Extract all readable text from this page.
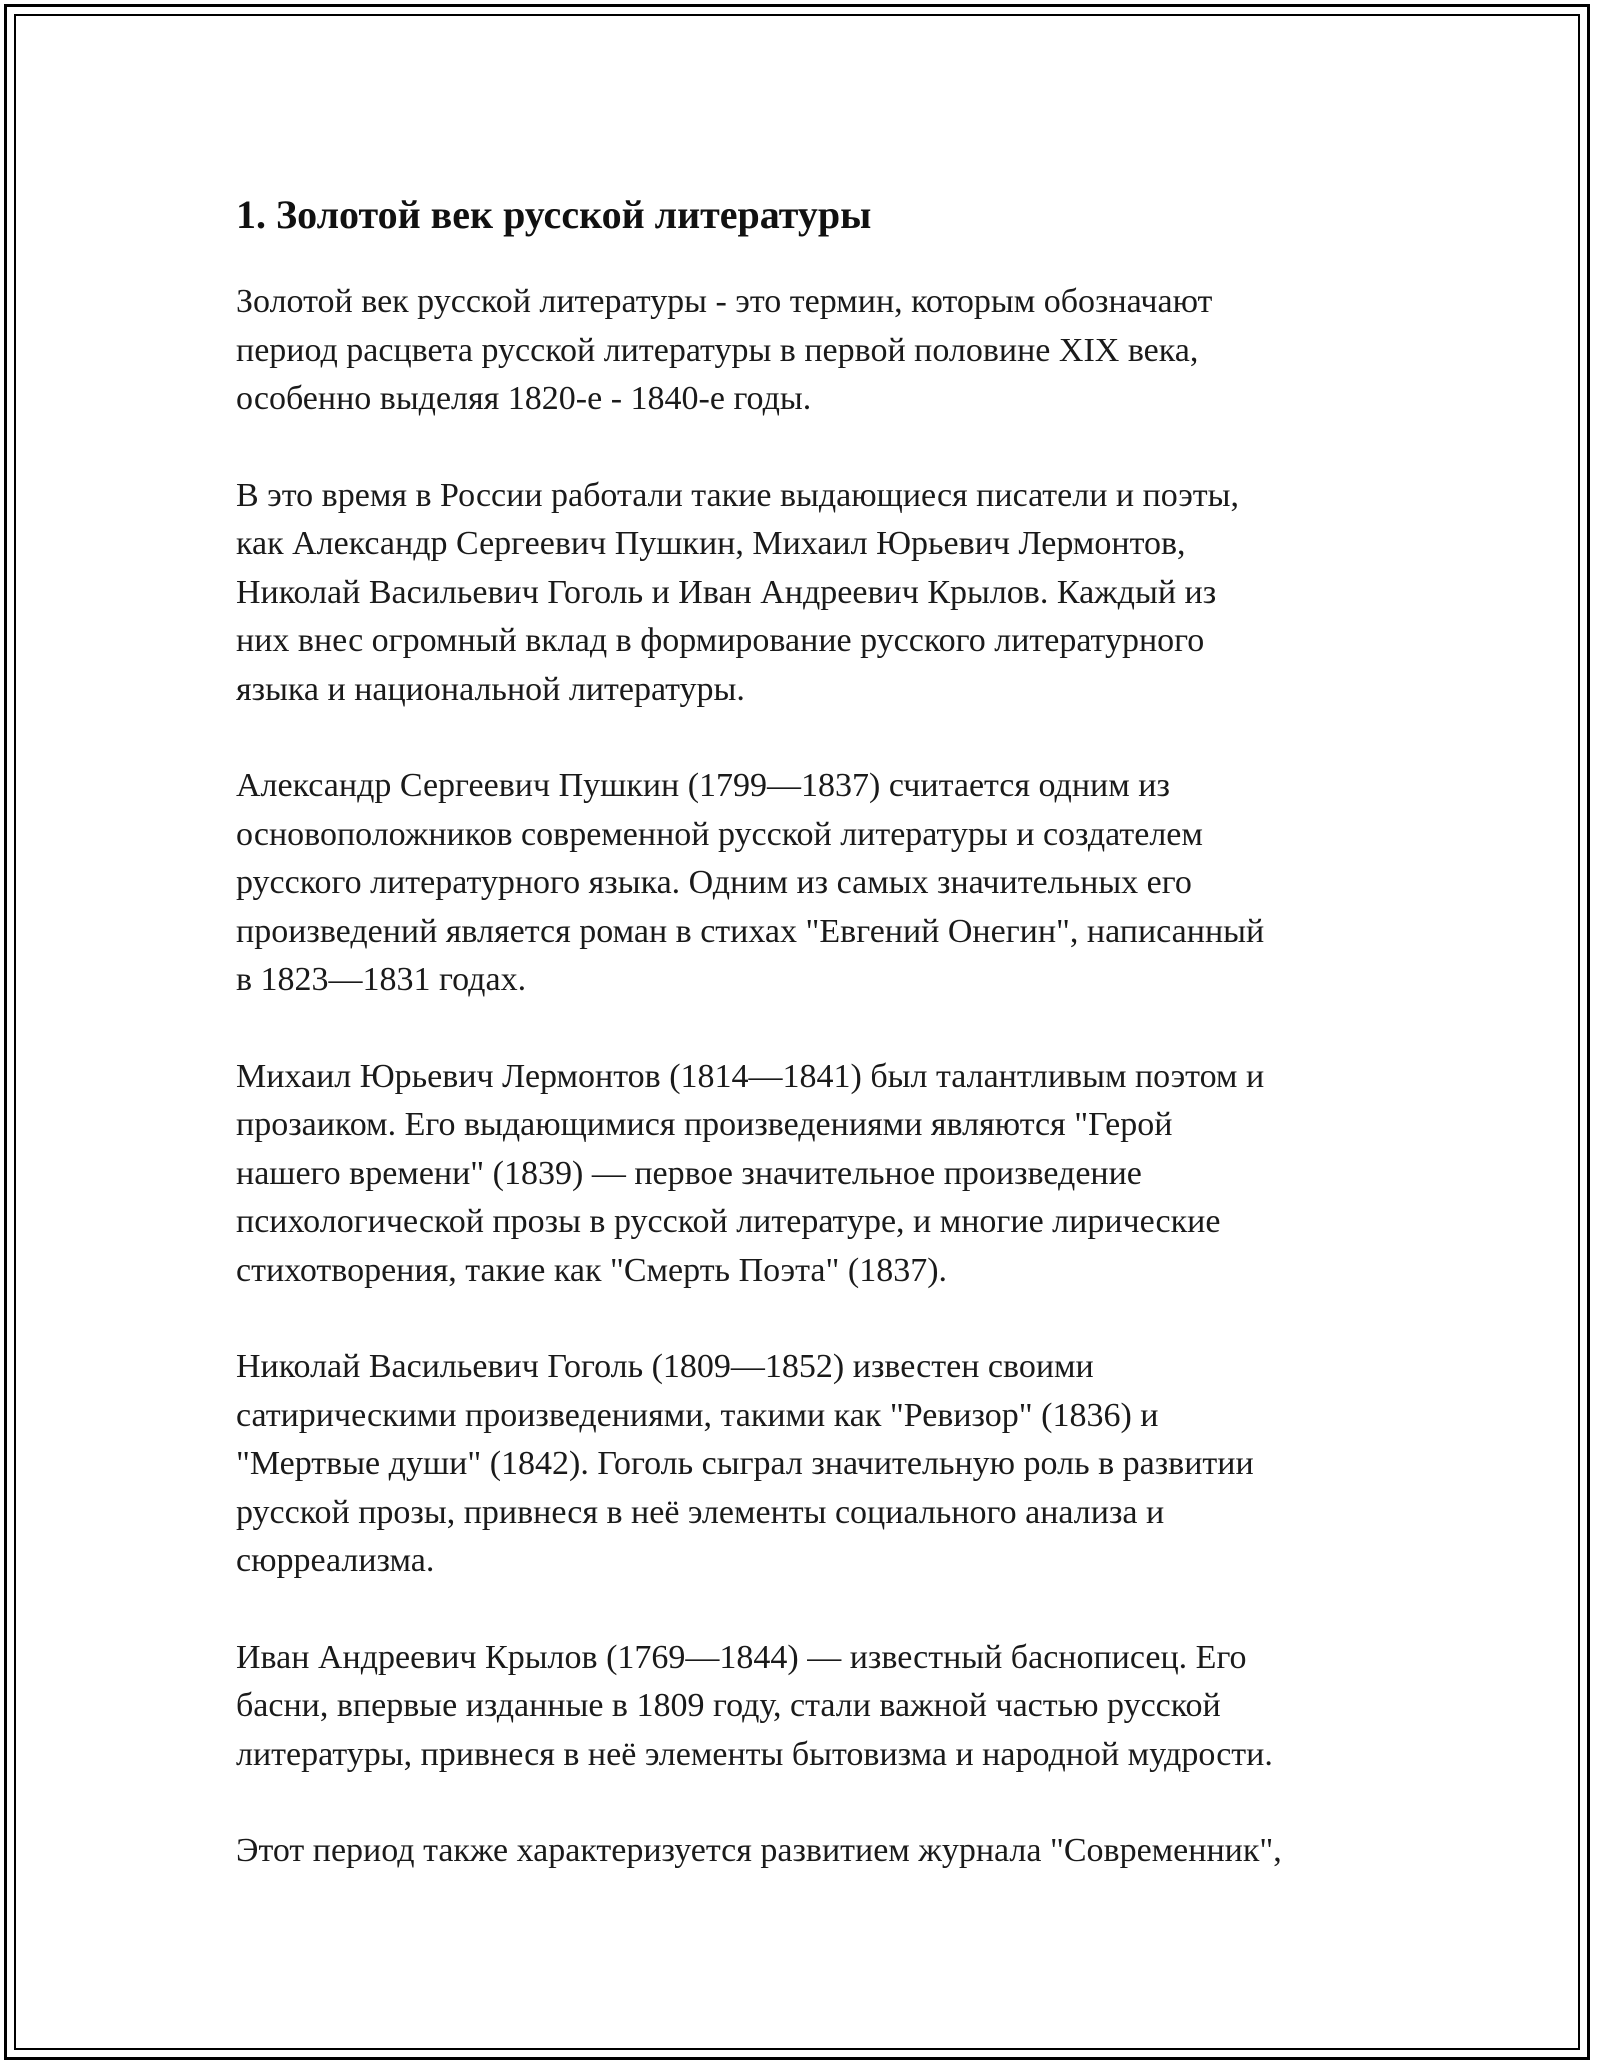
1. Золотой век русской литературы

Золотой век русской литературы - это термин, которым обозначают
период расцвета русской литературы в первой половине XIX века,
особенно выделяя 1820-е - 1840-е годы.

В это время в России работали такие выдающиеся писатели и поэты,
как Александр Сергеевич Пушкин, Михаил Юрьевич Лермонтов,
Николай Васильевич Гоголь и Иван Андреевич Крылов. Каждый из
них внес огромный вклад в формирование русского литературного
языка и национальной литературы.

Александр Сергеевич Пушкин (1799—1837) считается одним из
основоположников современной русской литературы и создателем
русского литературного языка. Одним из самых значительных его
произведений является роман в стихах "Евгений Онегин", написанный
в 1823—1831 годах.

Михаил Юрьевич Лермонтов (1814—1841) был талантливым поэтом и
прозаиком. Его выдающимися произведениями являются "Герой
нашего времени" (1839) — первое значительное произведение
психологической прозы в русской литературе, и многие лирические
стихотворения, такие как "Смерть Поэта" (1837).

Николай Васильевич Гоголь (1809—1852) известен своими
сатирическими произведениями, такими как "Ревизор" (1836) и
"Мертвые души" (1842). Гоголь сыграл значительную роль в развитии
русской прозы, привнеся в неё элементы социального анализа и
сюрреализма.

Иван Андреевич Крылов (1769—1844) — известный баснописец. Его
басни, впервые изданные в 1809 году, стали важной частью русской
литературы, привнеся в неё элементы бытовизма и народной мудрости.

Этот период также характеризуется развитием журнала "Современник",
